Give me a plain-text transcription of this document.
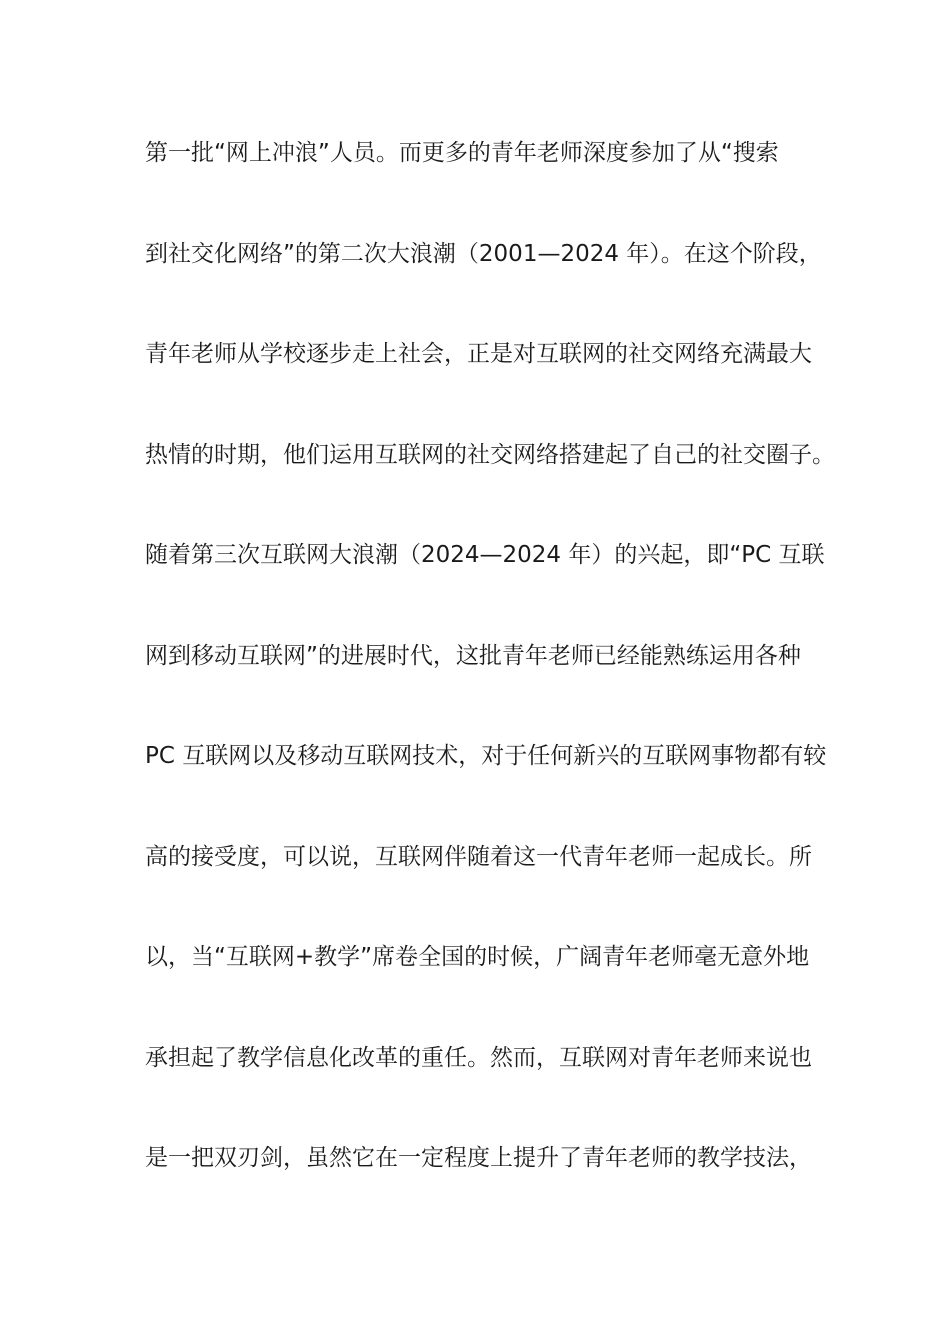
第一批“网上冲浪”人员。而更多的青年老师深度参加了从“搜索
到社交化网络”的第二次大浪潮（2001—2024 年）。在这个阶段，
青年老师从学校逐步走上社会，正是对互联网的社交网络充满最大
热情的时期，他们运用互联网的社交网络搭建起了自己的社交圈子。
随着第三次互联网大浪潮（2024—2024 年）的兴起，即“PC 互联
网到移动互联网”的进展时代，这批青年老师已经能熟练运用各种
PC 互联网以及移动互联网技术，对于任何新兴的互联网事物都有较
高的接受度，可以说，互联网伴随着这一代青年老师一起成长。所
以，当“互联网+教学”席卷全国的时候，广阔青年老师毫无意外地
承担起了教学信息化改革的重任。然而，互联网对青年老师来说也
是一把双刃剑，虽然它在一定程度上提升了青年老师的教学技法，
